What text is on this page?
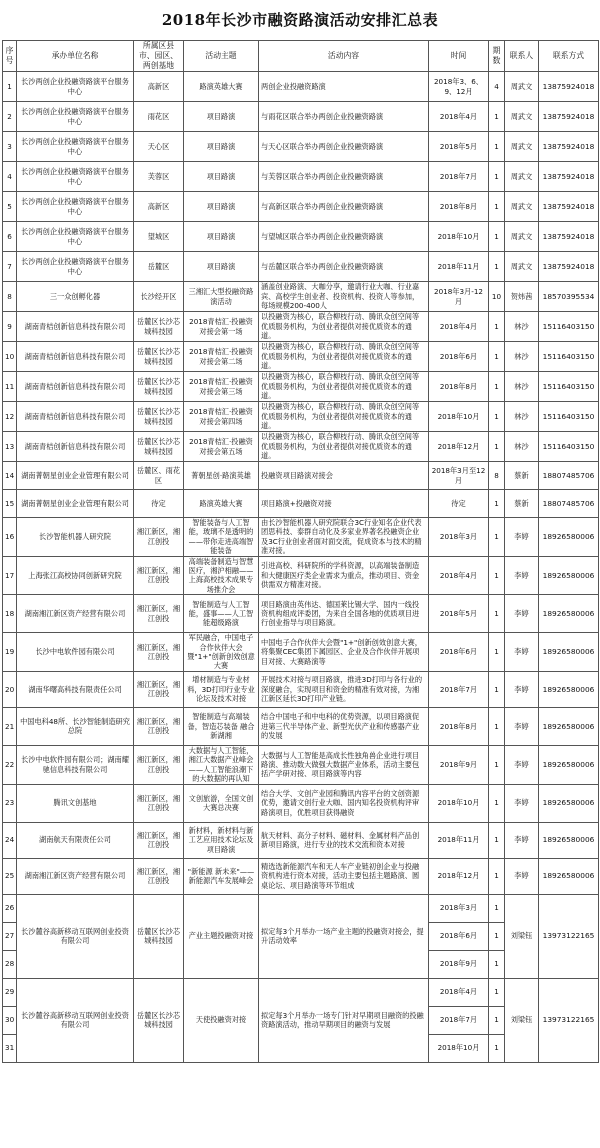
2018年长沙市融资路演活动安排汇总表
序号	承办单位名称	所属区县市、园区、两创基地	活动主题	活动内容	时间	期数	联系人	联系方式
1	长沙两创企业投融资路演平台服务中心	高新区	路演英雄大赛	两创企业投融资路演	2018年3、6、9、12月	4	周武文	13875924018
2	长沙两创企业投融资路演平台服务中心	雨花区	项目路演	与雨花区联合举办两创企业投融资路演	2018年4月	1	周武文	13875924018
3	长沙两创企业投融资路演平台服务中心	天心区	项目路演	与天心区联合举办两创企业投融资路演	2018年5月	1	周武文	13875924018
4	长沙两创企业投融资路演平台服务中心	芙蓉区	项目路演	与芙蓉区联合举办两创企业投融资路演	2018年7月	1	周武文	13875924018
5	长沙两创企业投融资路演平台服务中心	高新区	项目路演	与高新区联合举办两创企业投融资路演	2018年8月	1	周武文	13875924018
6	长沙两创企业投融资路演平台服务中心	望城区	项目路演	与望城区联合举办两创企业投融资路演	2018年10月	1	周武文	13875924018
7	长沙两创企业投融资路演平台服务中心	岳麓区	项目路演	与岳麓区联合举办两创企业投融资路演	2018年11月	1	周武文	13875924018
8	三一众创孵化器	长沙经开区	三湘汇大型投融资路演活动	涵盖创业路演、大咖分享，邀请行业大咖、行业嘉宾、高校学生创业者、投资机构、投资人等参加，每场规模200-400人	2018年3月-12月	10	贺炜茜	18570395534
9	湖南青桔创新信息科技有限公司	岳麓区长沙芯城科技园	2018青桔汇·投融资对接会第一场	以投融资为核心，联合柳枝行动、腾讯众创空间等优质服务机构，为创业者提供对接优质资本的通道。	2018年4月	1	林沙	15116403150
10	湖南青桔创新信息科技有限公司	岳麓区长沙芯城科技园	2018青桔汇·投融资对接会第二场	以投融资为核心，联合柳枝行动、腾讯众创空间等优质服务机构，为创业者提供对接优质资本的通道。	2018年6月	1	林沙	15116403150
11	湖南青桔创新信息科技有限公司	岳麓区长沙芯城科技园	2018青桔汇·投融资对接会第三场	以投融资为核心，联合柳枝行动、腾讯众创空间等优质服务机构，为创业者提供对接优质资本的通道。	2018年8月	1	林沙	15116403150
12	湖南青桔创新信息科技有限公司	岳麓区长沙芯城科技园	2018青桔汇·投融资对接会第四场	以投融资为核心，联合柳枝行动、腾讯众创空间等优质服务机构，为创业者提供对接优质资本的通道。	2018年10月	1	林沙	15116403150
13	湖南青桔创新信息科技有限公司	岳麓区长沙芯城科技园	2018青桔汇·投融资对接会第五场	以投融资为核心，联合柳枝行动、腾讯众创空间等优质服务机构，为创业者提供对接优质资本的通道。	2018年12月	1	林沙	15116403150
14	湖南菁朝星创业企业管理有限公司	岳麓区、雨花区	菁朝星创·路演英雄	投融资项目路演对接会	2018年3月至12月	8	蔡新	18807485706
15	湖南菁朝星创业企业管理有限公司	待定	路演英雄大赛	项目路演+投融资对接	待定	1	蔡新	18807485706
16	长沙智能机器人研究院	湘江新区，湘江创投	智能装备与人工智能，玻璃不是透明的——带你走进高端智能装备	由长沙智能机器人研究院联合3C行业知名企业代表团思科技、泰群自动化及多家业界著名投融资企业及3C行业创业者面对面交流，促成资本与技术的精准对接。	2018年3月	1	李婷	18926580006
17	上海张江高校协同创新研究院	湘江新区，湘江创投	高端装备制造与智慧医疗，湘沪相融——上海高校技术成果专场推介会	引进高校、科研院所的学科资源，以高端装备制造和大健康医疗类企业需求为重点，推动项目、资金供需双方精准对接。	2018年4月	1	李婷	18926580006
18	湖南湘江新区资产经营有限公司	湘江新区，湘江创投	智能制造与人工智能，盛事——人工智能超级路演	项目路演由英伟达、德国莱比锡大学、国内一线投资机构组成评委团，为来自全国各地的优质项目进行创业指导与项目路演。	2018年5月	1	李婷	18926580006
19	长沙中电软件园有限公司	湘江新区，湘江创投	军民融合，中国电子合作伙伴大会暨"1+"创新创效创意大赛	中国电子合作伙伴大会暨"1+"创新创效创意大赛，将集聚CEC集团下属园区、企业及合作伙伴开展项目对接、大赛路演等	2018年6月	1	李婷	18926580006
20	湖南华曙高科技有限责任公司	湘江新区，湘江创投	增材制造与专业材料，3D打印行业专业论坛及技术对接	开展技术对接与项目路演，推进3D打印与各行业的深度融合，实现项目和资金的精准有效对接，为湘江新区延长3D打印产业链。	2018年7月	1	李婷	18926580006
21	中国电科48所、长沙智能制造研究总院	湘江新区，湘江创投	智能制造与高端装备，智造芯装备 融合新湖湘	结合中国电子和中电科的优势资源，以项目路演促进第三代半导体产业、新型光伏产业和传感器产业的发展	2018年8月	1	李婷	18926580006
22	长沙中电软件园有限公司；湖南耀驰信息科技有限公司	湘江新区，湘江创投	大数据与人工智能，湘江大数据产业峰会——人工智能浪潮下的大数据的再认知	大数据与人工智能是高成长性独角兽企业进行项目路演、推动数大做强大数据产业体系，活动主要包括产学研对接、项目路演等内容	2018年9月	1	李婷	18926580006
23	腾讯文创基地	湘江新区，湘江创投	文创旅游，全国文创大赛总决赛	结合大学、文创产业园和腾讯内容平台的文创资源优势，邀请文创行业大咖、国内知名投资机构评审路演项目，优胜项目获得融资	2018年10月	1	李婷	18926580006
24	湖南航天有限责任公司	湘江新区，湘江创投	新材料，新材料与新工艺应用技术论坛及项目路演	航天材料、高分子材料、磁材料、金属材料产品创新项目路演，进行专业的技术交流和资本对接	2018年11月	1	李婷	18926580006
25	湖南湘江新区资产经营有限公司	湘江新区，湘江创投	"新能源 新未来"——新能源汽车发展峰会	精选选新能源汽车和无人车产业链初创企业与投融资机构进行资本对接，活动主要包括主题路演、圆桌论坛、项目路演等环节组成	2018年12月	1	李婷	18926580006
26	长沙麓谷高新移动互联网创业投资有限公司	岳麓区长沙芯城科技园	产业主题投融资对接	拟定每3个月举办一场产业主题的投融资对接会，提升活动效率	2018年3月	1	刘梁钰	13973122165
27					2018年6月	1		
28					2018年9月	1		
29	长沙麓谷高新移动互联网创业投资有限公司	岳麓区长沙芯城科技园	天使投融资对接	拟定每3个月举办一场专门针对早期项目融资的投融资路演活动，推动早期项目的融资与发展	2018年4月	1	刘梁钰	13973122165
30					2018年7月	1		
31					2018年10月	1		
